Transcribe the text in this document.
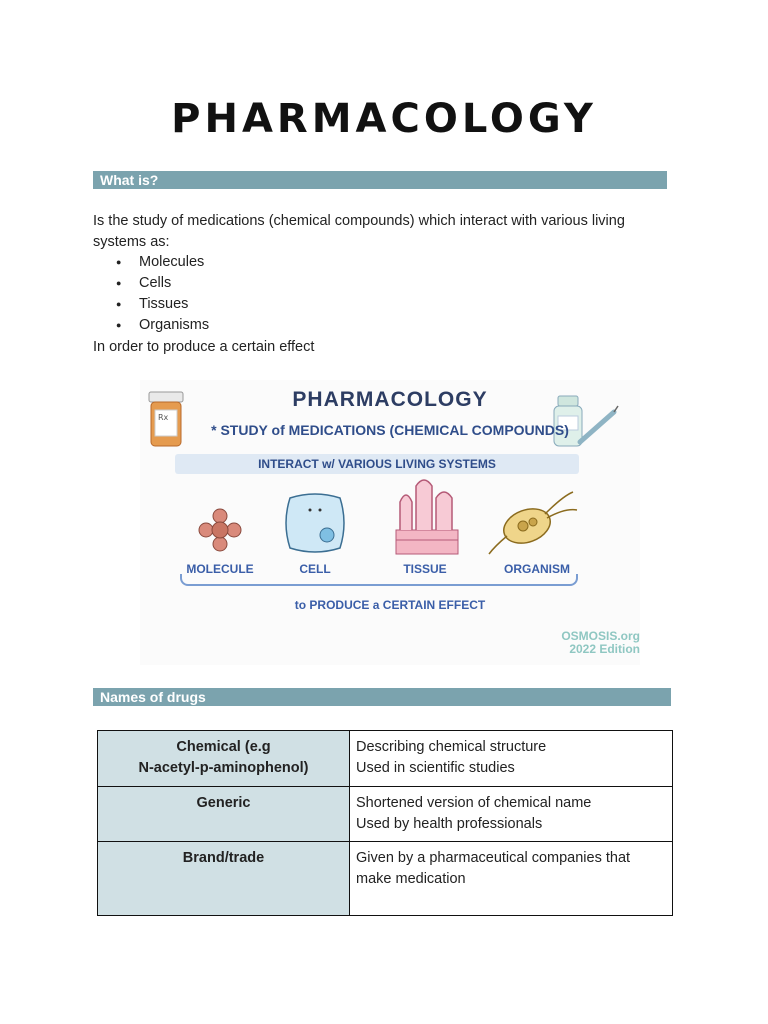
PHARMACOLOGY
What is?
Is the study of medications (chemical compounds) which interact with various living
systems as:
● Molecules
● Cells
● Tissues
● Organisms
In order to produce a certain effect
Rx
PHARMACOLOGY
* STUDY of MEDICATIONS (CHEMICAL COMPOUNDS)
INTERACT w/ VARIOUS LIVING SYSTEMS
MOLECULE	CELL	TISSUE	ORGANISM
to PRODUCE a CERTAIN EFFECT
OSMOSIS.org
2022 Edition
Names of drugs
Chemical (e.g
N-acetyl-p-aminophenol)	Describing chemical structure
Used in scientific studies

Generic	Shortened version of chemical name
Used by health professionals

Brand/trade	Given by a pharmaceutical companies that
make medication
